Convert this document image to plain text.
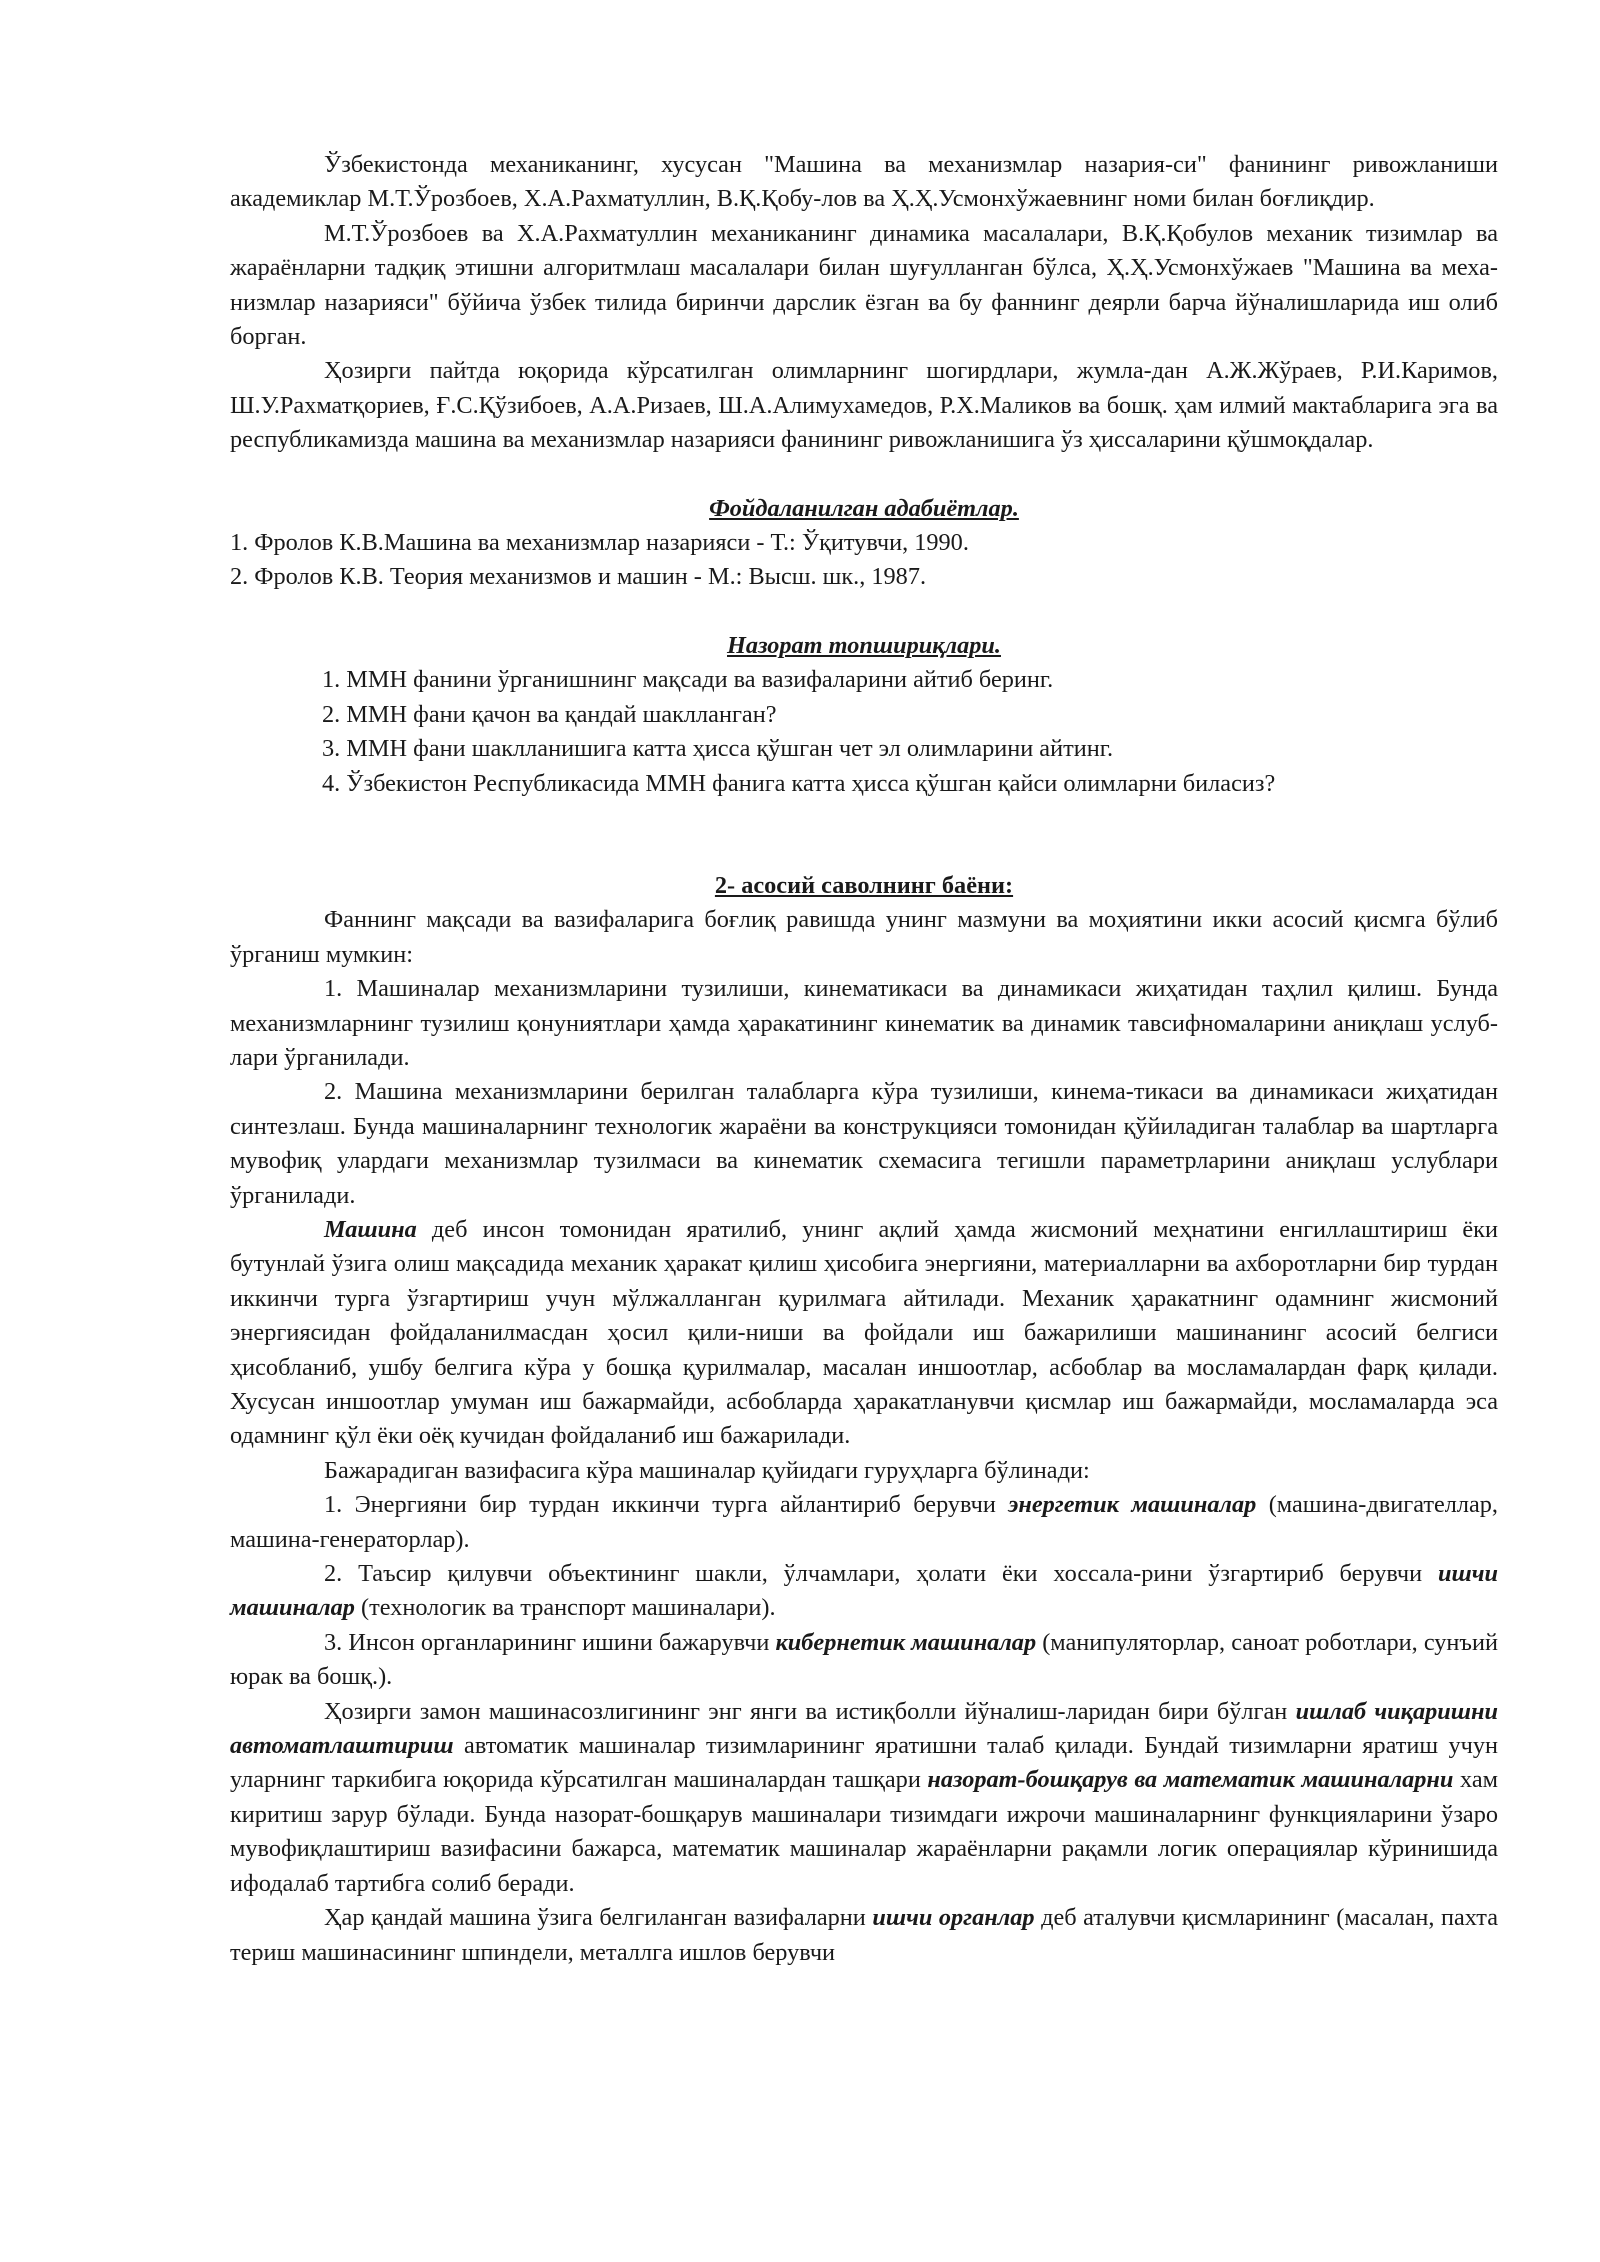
Ўзбекистонда механиканинг, хусусан "Машина ва механизмлар назария-си" фанининг ривожланиши академиклар М.Т.Ўрозбоев, Х.А.Рахматуллин, В.Қ.Қобу-лов ва Ҳ.Ҳ.Усмонхўжаевнинг номи билан боғлиқдир.

М.Т.Ўрозбоев ва Х.А.Рахматуллин механиканинг динамика масалалари, В.Қ.Қобулов механик тизимлар ва жараёнларни тадқиқ этишни алгоритмлаш масалалари билан шуғулланган бўлса, Ҳ.Ҳ.Усмонхўжаев "Машина ва меха-низмлар назарияси" бўйича ўзбек тилида биринчи дарслик ёзган ва бу фаннинг деярли барча йўналишларида иш олиб борган.

Ҳозирги пайтда юқорида кўрсатилган олимларнинг шогирдлари, жумла-дан А.Ж.Жўраев, Р.И.Каримов, Ш.У.Рахматқориев, Ғ.С.Қўзибоев, А.А.Ризаев, Ш.А.Алимухамедов, Р.Х.Маликов ва бошқ. ҳам илмий мактабларига эга ва республикамизда машина ва механизмлар назарияси фанининг ривожланишига ўз ҳиссаларини қўшмоқдалар.

Фойдаланилган адабиётлар.

1. Фролов К.В.Машина ва механизмлар назарияси - Т.: Ўқитувчи, 1990.

2. Фролов К.В. Теория механизмов и машин - М.: Высш. шк., 1987.

Назорат топшириқлари.

1. ММН фанини ўрганишнинг мақсади ва вазифаларини айтиб беринг.

2. ММН фани қачон ва қандай шаклланган?

3. ММН фани шаклланишига катта ҳисса қўшган чет эл олимларини айтинг.

4. Ўзбекистон Республикасида ММН фанига катта ҳисса қўшган қайси олимларни биласиз?

2- асосий саволнинг баёни:

Фаннинг мақсади ва вазифаларига боғлиқ равишда унинг мазмуни ва моҳиятини икки асосий қисмга бўлиб ўрганиш мумкин:

1. Машиналар механизмларини тузилиши, кинематикаси ва динамикаси жиҳатидан таҳлил қилиш. Бунда механизмларнинг тузилиш қонуниятлари ҳамда ҳаракатининг кинематик ва динамик тавсифномаларини аниқлаш услуб-лари ўрганилади.

2. Машина механизмларини берилган талабларга кўра тузилиши, кинема-тикаси ва динамикаси жиҳатидан синтезлаш. Бунда машиналарнинг технологик жараёни ва конструкцияси томонидан қўйиладиган талаблар ва шартларга мувофиқ улардаги механизмлар тузилмаси ва кинематик схемасига тегишли параметрларини аниқлаш услублари ўрганилади.

Машина деб инсон томонидан яратилиб, унинг ақлий ҳамда жисмоний меҳнатини енгиллаштириш ёки бутунлай ўзига олиш мақсадида механик ҳаракат қилиш ҳисобига энергияни, материалларни ва ахборотларни бир турдан иккинчи турга ўзгартириш учун мўлжалланган қурилмага айтилади. Механик ҳаракатнинг одамнинг жисмоний энергиясидан фойдаланилмасдан ҳосил қили-ниши ва фойдали иш бажарилиши машинанинг асосий белгиси ҳисобланиб, ушбу белгига кўра у бошқа қурилмалар, масалан иншоотлар, асбоблар ва мосламалардан фарқ қилади. Хусусан иншоотлар умуман иш бажармайди, асбобларда ҳаракатланувчи қисмлар иш бажармайди, мосламаларда эса одамнинг қўл ёки оёқ кучидан фойдаланиб иш бажарилади.

Бажарадиган вазифасига кўра машиналар қуйидаги гуруҳларга бўлинади:

1. Энергияни бир турдан иккинчи турга айлантириб берувчи энергетик машиналар (машина-двигателлар, машина-генераторлар).

2. Таъсир қилувчи объектининг шакли, ўлчамлари, ҳолати ёки хоссала-рини ўзгартириб берувчи ишчи машиналар (технологик ва транспорт машиналари).

3. Инсон органларининг ишини бажарувчи кибернетик машиналар (манипуляторлар, саноат роботлари, сунъий юрак ва бошқ.).

Ҳозирги замон машинасозлигининг энг янги ва истиқболли йўналиш-ларидан бири бўлган ишлаб чиқаришни автоматлаштириш автоматик машиналар тизимларининг яратишни талаб қилади. Бундай тизимларни яратиш учун уларнинг таркибига юқорида кўрсатилган машиналардан ташқари назорат-бошқарув ва математик машиналарни хам киритиш зарур бўлади. Бунда назорат-бошқарув машиналари тизимдаги ижрочи машиналарнинг функцияларини ўзаро мувофиқлаштириш вазифасини бажарса, математик машиналар жараёнларни рақамли логик операциялар кўринишида ифодалаб тартибга солиб беради.

Ҳар қандай машина ўзига белгиланган вазифаларни ишчи органлар деб аталувчи қисмларининг (масалан, пахта териш машинасининг шпиндели, металлга ишлов берувчи
